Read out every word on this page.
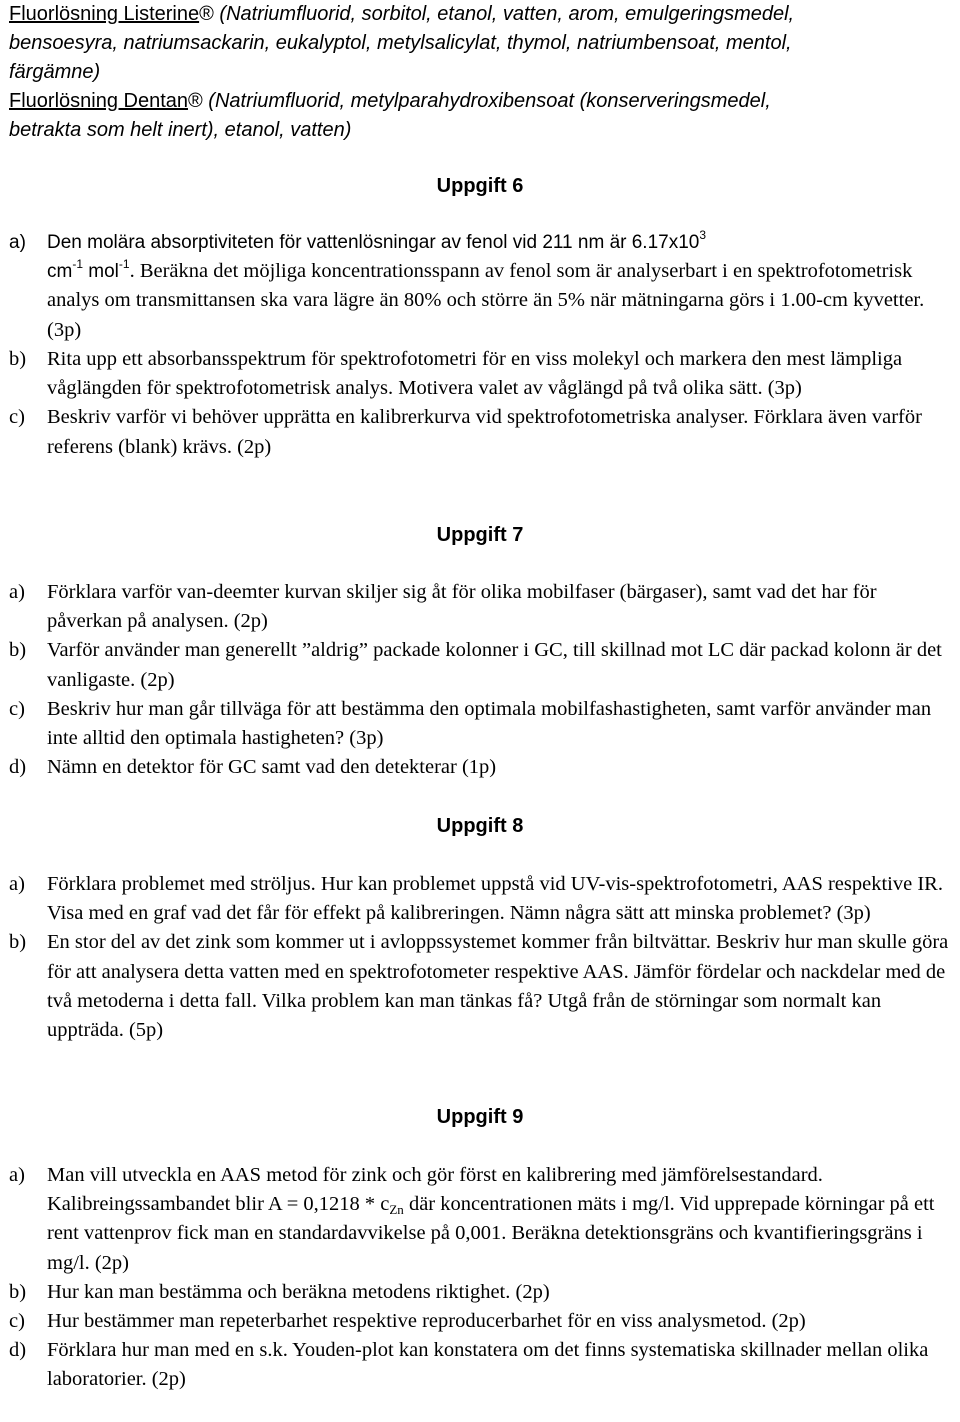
Fluorlösning Listerine® (Natriumfluorid, sorbitol, etanol, vatten, arom, emulgeringsmedel,
bensoesyra, natriumsackarin, eukalyptol, metylsalicylat, thymol, natriumbensoat, mentol,
färgämne)
Fluorlösning Dentan® (Natriumfluorid, metylparahydroxibensoat (konserveringsmedel,
betrakta som helt inert), etanol, vatten)
Uppgift 6
a) Den molära absorptiviteten för vattenlösningar av fenol vid 211 nm är $6.17x10^3$
$cm^{-1}$ mol$^{-1}$. Beräkna det möjliga koncentrationsspann av fenol som är analyserbart i en spektrofotometrisk analys om transmittansen ska vara lägre än 80% och större än 5% när mätningarna görs i 1.00-cm kyvetter. (3p)
b) Rita upp ett absorbansspektrum för spektrofotometri för en viss molekyl och markera den mest lämpliga våglängden för spektrofotometrisk analys. Motivera valet av våglängd på två olika sätt. (3p)
c) Beskriv varför vi behöver upprätta en kalibrerkurva vid spektrofotometriska analyser. Förklara även varför referens (blank) krävs. (2p)
Uppgift 7
a) Förklara varför van-deemter kurvan skiljer sig åt för olika mobilfaser (bärgaser), samt vad det har för påverkan på analysen. (2p)
b) Varför använder man generellt ”aldrig” packade kolonner i GC, till skillnad mot LC där packad kolonn är det vanligaste. (2p)
c) Beskriv hur man går tillväga för att bestämma den optimala mobilfashastigheten, samt varför använder man inte alltid den optimala hastigheten? (3p)
d) Nämn en detektor för GC samt vad den detekterar (1p)
Uppgift 8
a) Förklara problemet med ströljus. Hur kan problemet uppstå vid UV-vis-spektrofotometri, AAS respektive IR. Visa med en graf vad det får för effekt på kalibreringen. Nämn några sätt att minska problemet? (3p)
b) En stor del av det zink som kommer ut i avloppssystemet kommer från biltvättar. Beskriv hur man skulle göra för att analysera detta vatten med en spektrofotometer respektive AAS. Jämför fördelar och nackdelar med de två metoderna i detta fall. Vilka problem kan man tänkas få? Utgå från de störningar som normalt kan uppträda. (5p)
Uppgift 9
a) Man vill utveckla en AAS metod för zink och gör först en kalibrering med jämförelsestandard. Kalibreingssambandet blir $A = 0,1218 * c_{Zn}$ där koncentrationen mäts i mg/l. Vid upprepade körningar på ett rent vattenprov fick man en standardavvikelse på 0,001. Beräkna detektionsgräns och kvantifieringsgräns i mg/l. (2p)
b) Hur kan man bestämma och beräkna metodens riktighet. (2p)
c) Hur bestämmer man repeterbarhet respektive reproducerbarhet för en viss analysmetod. (2p)
d) Förklara hur man med en s.k. Youden-plot kan konstatera om det finns systematiska skillnader mellan olika laboratorier. (2p)
